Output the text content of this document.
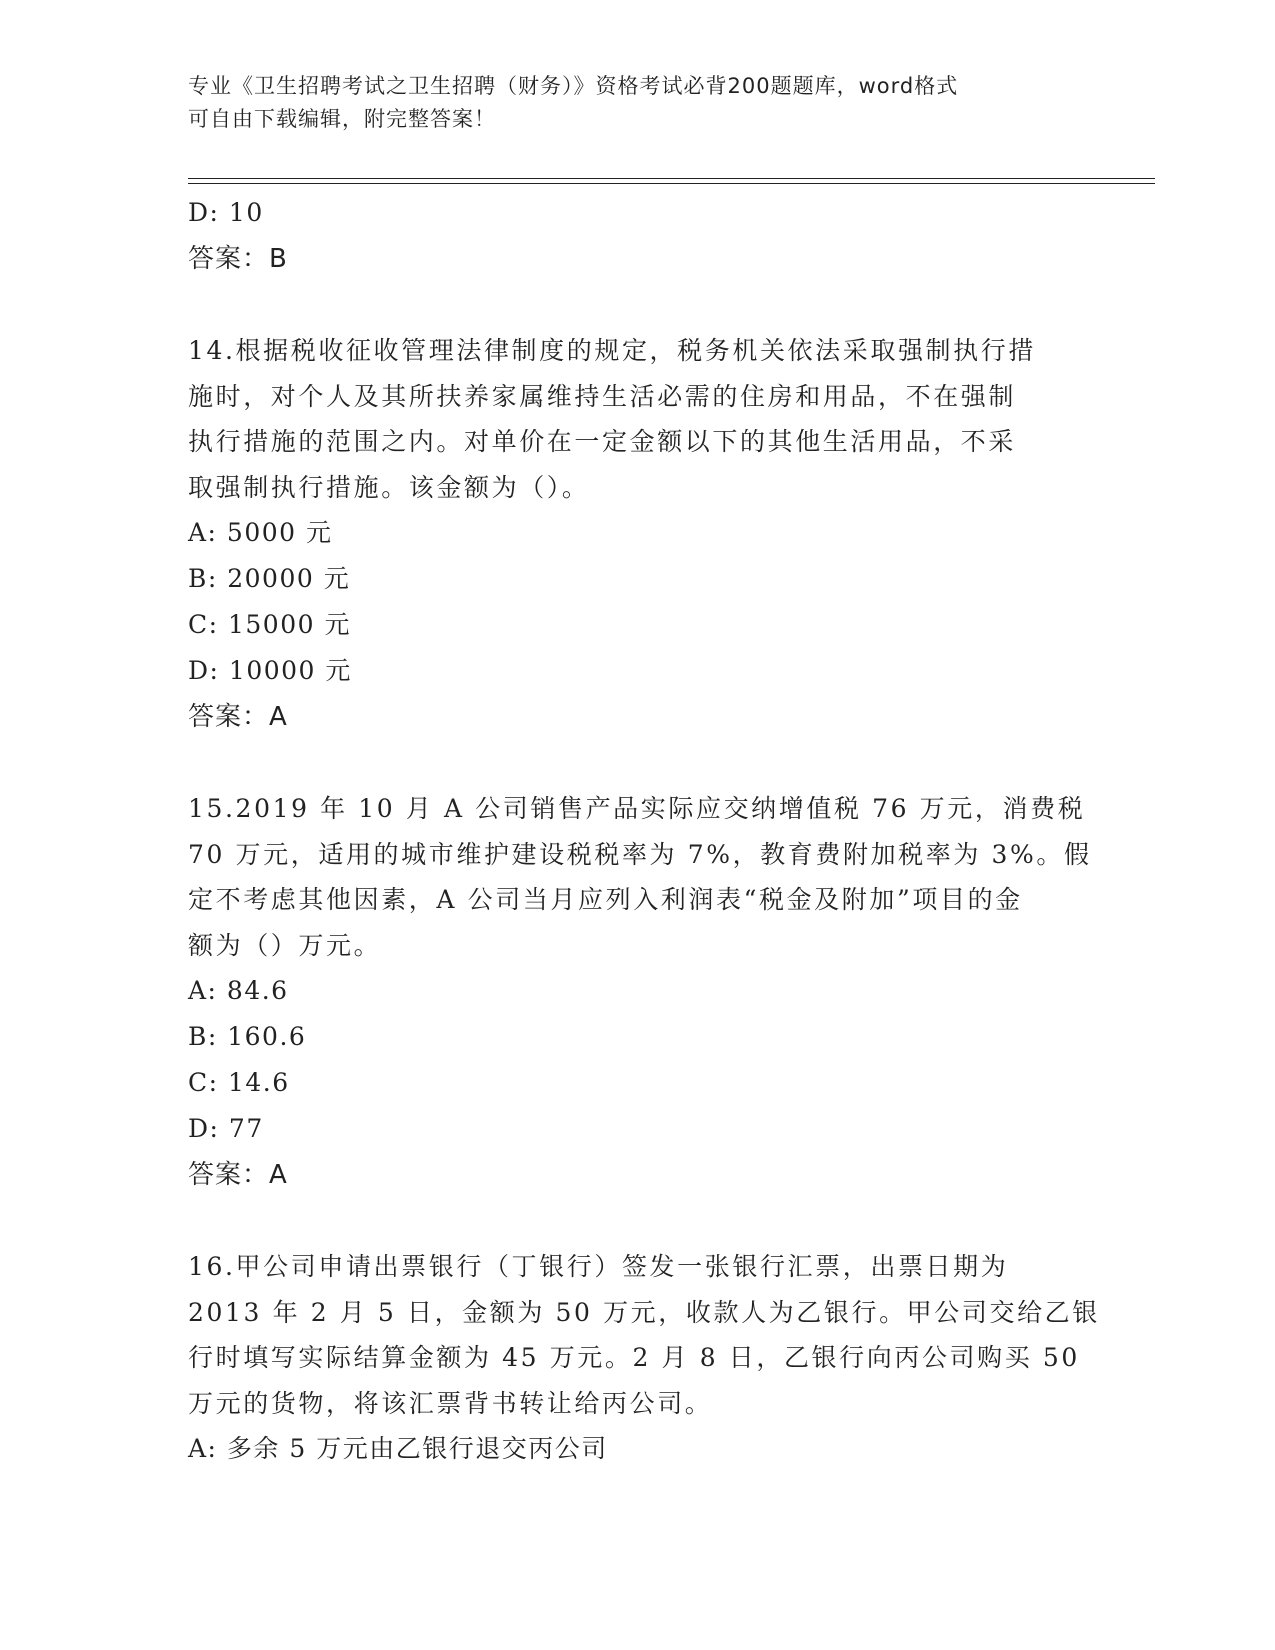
专业《卫生招聘考试之卫生招聘（财务）》资格考试必背200题题库，word格式
可自由下载编辑，附完整答案！
D: 10
答案：B
14.根据税收征收管理法律制度的规定，税务机关依法采取强制执行措
施时，对个人及其所扶养家属维持生活必需的住房和用品，不在强制
执行措施的范围之内。对单价在一定金额以下的其他生活用品，不采
取强制执行措施。该金额为（）。
A: 5000 元
B: 20000 元
C: 15000 元
D: 10000 元
答案：A
15.2019 年 10 月 A 公司销售产品实际应交纳增值税 76 万元，消费税
70 万元，适用的城市维护建设税税率为 7%，教育费附加税率为 3%。假
定不考虑其他因素，A 公司当月应列入利润表“税金及附加”项目的金
额为（）万元。
A: 84.6
B: 160.6
C: 14.6
D: 77
答案：A
16.甲公司申请出票银行（丁银行）签发一张银行汇票，出票日期为
2013 年 2 月 5 日，金额为 50 万元，收款人为乙银行。甲公司交给乙银
行时填写实际结算金额为 45 万元。2 月 8 日，乙银行向丙公司购买 50
万元的货物，将该汇票背书转让给丙公司。
A: 多余 5 万元由乙银行退交丙公司
